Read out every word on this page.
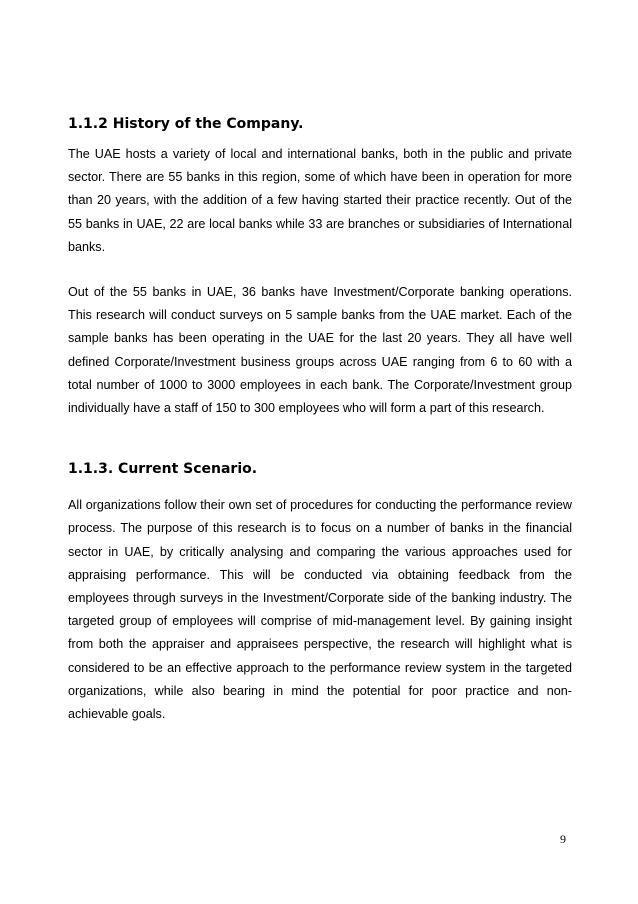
1.1.2 History of the Company.

The UAE hosts a variety of local and international banks, both in the public and private sector. There are 55 banks in this region, some of which have been in operation for more than 20 years, with the addition of a few having started their practice recently. Out of the 55 banks in UAE, 22 are local banks while 33 are branches or subsidiaries of International banks.

Out of the 55 banks in UAE, 36 banks have Investment/Corporate banking operations. This research will conduct surveys on 5 sample banks from the UAE market. Each of the sample banks has been operating in the UAE for the last 20 years. They all have well defined Corporate/Investment business groups across UAE ranging from 6 to 60 with a total number of 1000 to 3000 employees in each bank. The Corporate/Investment group individually have a staff of 150 to 300 employees who will form a part of this research.

1.1.3. Current Scenario.

All organizations follow their own set of procedures for conducting the performance review process. The purpose of this research is to focus on a number of banks in the financial sector in UAE, by critically analysing and comparing the various approaches used for appraising performance. This will be conducted via obtaining feedback from the employees through surveys in the Investment/Corporate side of the banking industry. The targeted group of employees will comprise of mid-management level. By gaining insight from both the appraiser and appraisees perspective, the research will highlight what is considered to be an effective approach to the performance review system in the targeted organizations, while also bearing in mind the potential for poor practice and non-achievable goals.

9
